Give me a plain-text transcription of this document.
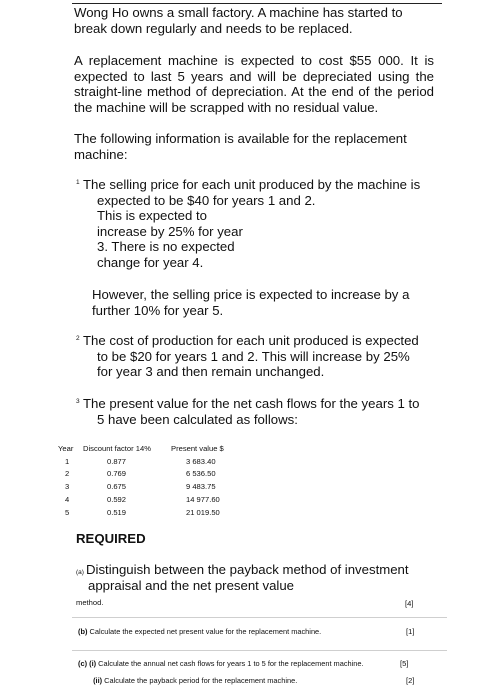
Wong Ho owns a small factory. A machine has started to break down regularly and needs to be replaced.
A replacement machine is expected to cost $55 000. It is expected to last 5 years and will be depreciated using the straight-line method of depreciation. At the end of the period the machine will be scrapped with no residual value.
The following information is available for the replacement machine:
1 The selling price for each unit produced by the machine is
expected to be $40 for years 1 and 2.
This is expected to
increase by 25% for year
3. There is no expected
change for year 4.
However, the selling price is expected to increase by a further 10% for year 5.
2 The cost of production for each unit produced is expected
to be $20 for years 1 and 2. This will increase by 25%
for year 3 and then remain unchanged.
3 The present value for the net cash flows for the years 1 to
5 have been calculated as follows:
Year	Discount factor 14%	Present value $
1	0.877	3 683.40
2	0.769	6 536.50
3	0.675	9 483.75
4	0.592	14 977.60
5	0.519	21 019.50
REQUIRED
(a) Distinguish between the payback method of investment
appraisal and the net present value
method.	[4]
(b) Calculate the expected net present value for the replacement machine.	[1]
(c) (i) Calculate the annual net cash flows for years 1 to 5 for the replacement machine.	[5]
(ii) Calculate the payback period for the replacement machine.	[2]
